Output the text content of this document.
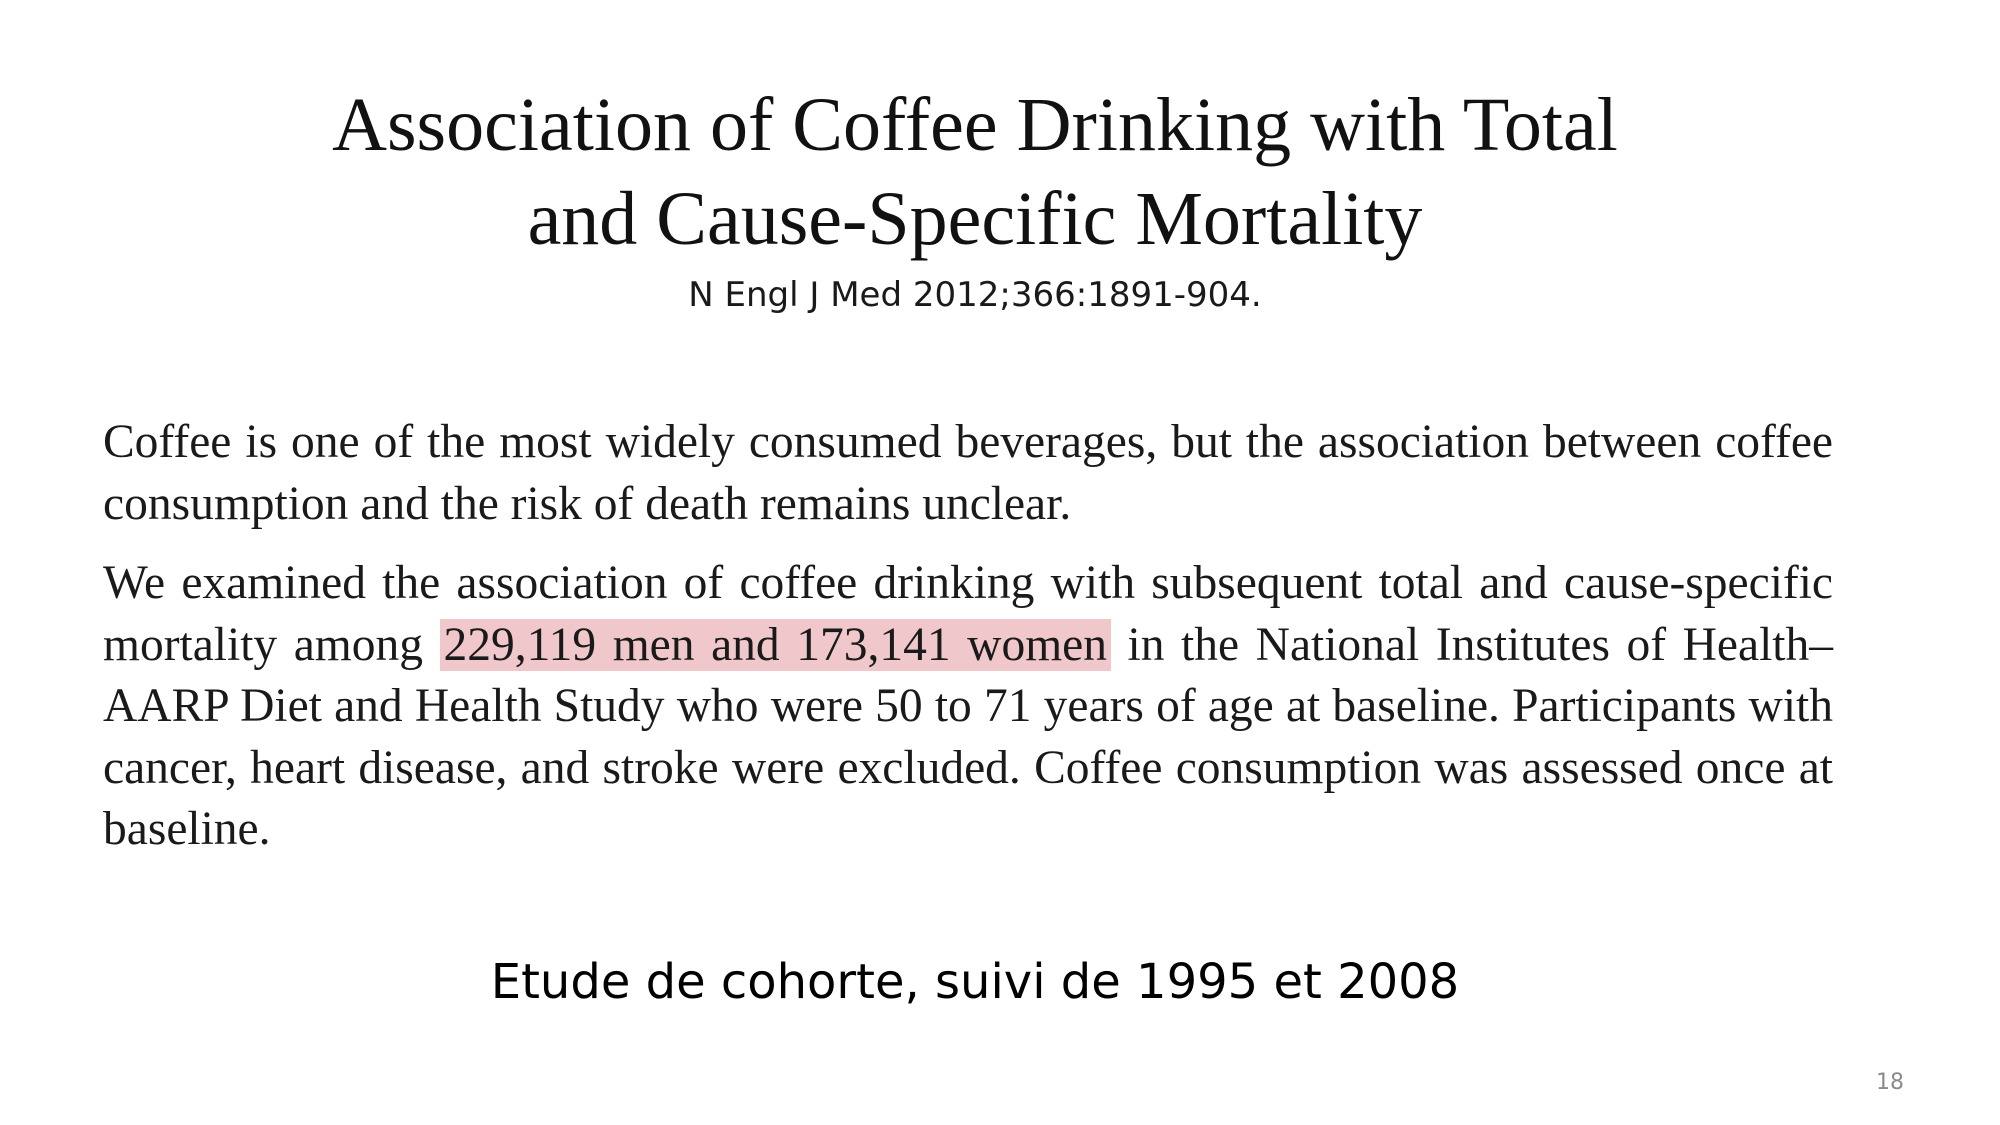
Association of Coffee Drinking with Total
and Cause-Specific Mortality
N Engl J Med 2012;366:1891-904.

Coffee is one of the most widely consumed beverages, but the association between coffee consumption and the risk of death remains unclear.

We examined the association of coffee drinking with subsequent total and cause-specific mortality among 229,119 men and 173,141 women in the National Institutes of Health–AARP Diet and Health Study who were 50 to 71 years of age at baseline. Participants with cancer, heart disease, and stroke were excluded. Coffee consumption was assessed once at baseline.

Etude de cohorte, suivi de 1995 et 2008
18
